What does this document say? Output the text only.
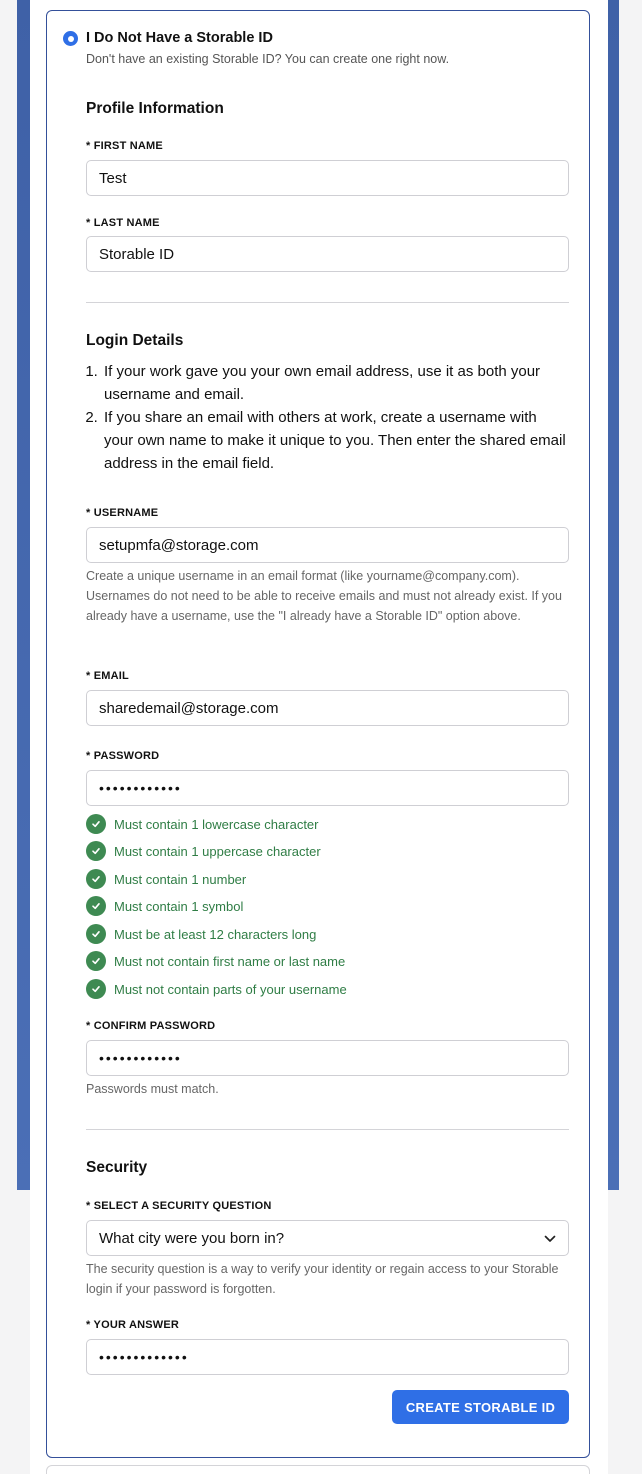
I Do Not Have a Storable ID
Don't have an existing Storable ID? You can create one right now.
Profile Information
* FIRST NAME
Test
* LAST NAME
Storable ID
Login Details
1. If your work gave you your own email address, use it as both your username and email.
2. If you share an email with others at work, create a username with your own name to make it unique to you. Then enter the shared email address in the email field.
* USERNAME
setupmfa@storage.com
Create a unique username in an email format (like yourname@company.com). Usernames do not need to be able to receive emails and must not already exist. If you already have a username, use the "I already have a Storable ID" option above.
* EMAIL
sharedemail@storage.com
* PASSWORD
••••••••••••
Must contain 1 lowercase character
Must contain 1 uppercase character
Must contain 1 number
Must contain 1 symbol
Must be at least 12 characters long
Must not contain first name or last name
Must not contain parts of your username
* CONFIRM PASSWORD
••••••••••••
Passwords must match.
Security
* SELECT A SECURITY QUESTION
What city were you born in?
The security question is a way to verify your identity or regain access to your Storable login if your password is forgotten.
* YOUR ANSWER
•••••••••••••
CREATE STORABLE ID
